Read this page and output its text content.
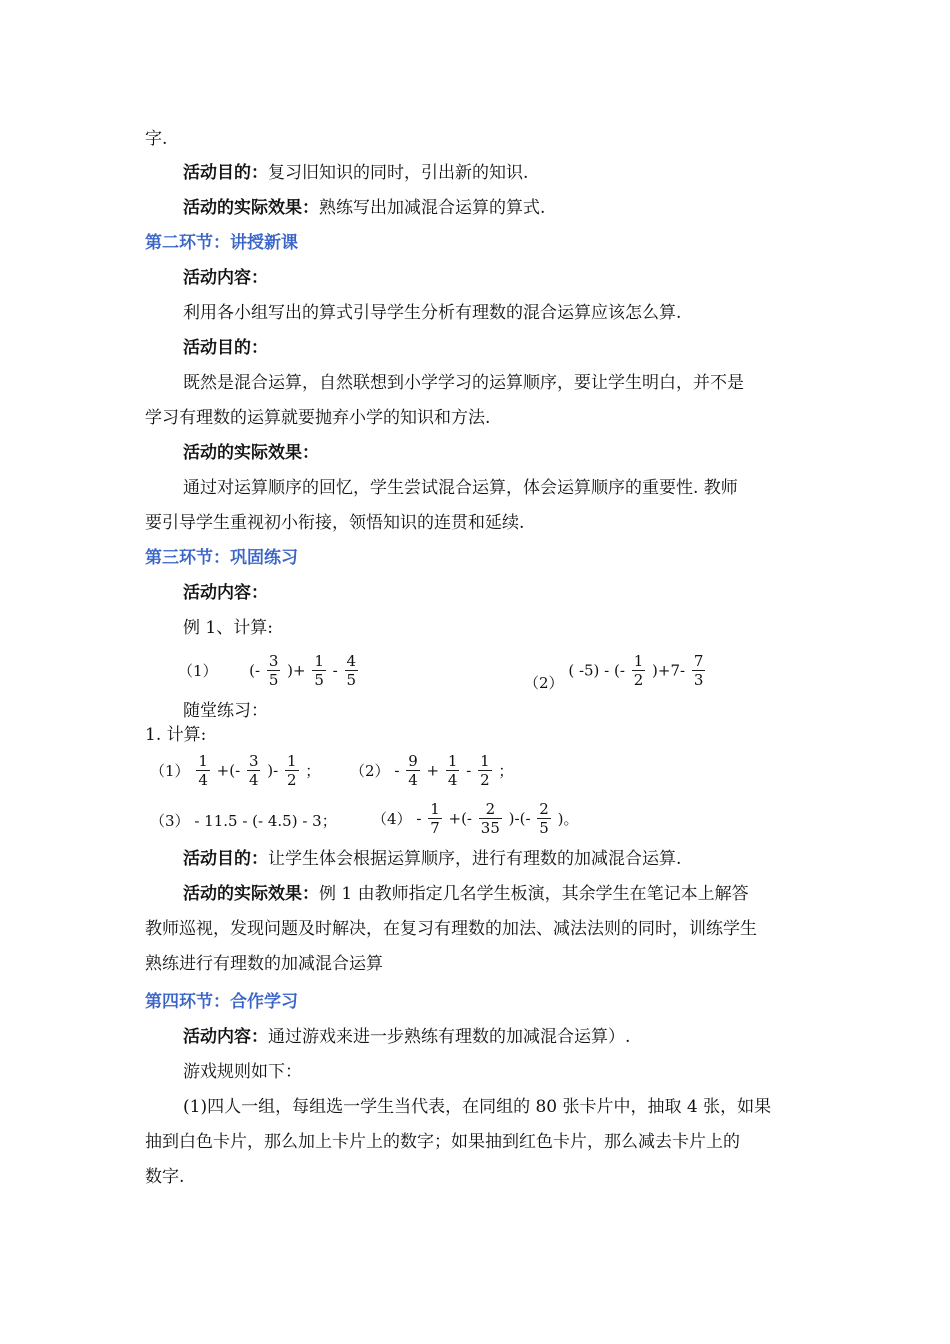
字.
活动目的：复习旧知识的同时，引出新的知识.
活动的实际效果：熟练写出加减混合运算的算式.
第二环节：讲授新课
活动内容：
利用各小组写出的算式引导学生分析有理数的混合运算应该怎么算.
活动目的：
既然是混合运算，自然联想到小学学习的运算顺序，要让学生明白，并不是
学习有理数的运算就要抛弃小学的知识和方法.
活动的实际效果：
通过对运算顺序的回忆，学生尝试混合运算，体会运算顺序的重要性. 教师
要引导学生重视初小衔接，领悟知识的连贯和延续.
第三环节：巩固练习
活动内容：
例 1、计算:
（1） (- $\frac{3}{5}$ )+ $\frac{1}{5} - \frac{4}{5}$	（2） ( -5) - (- $\frac{1}{2} )+7- \frac{7}{3}$
随堂练习：
1. 计算:
$(1) \frac{1}{4}$ +(- $\frac{3}{4}$ )- $\frac{1}{2}$ ； $(2) - \frac{9}{4} + \frac{1}{4} - \frac{1}{2}$ ；
（3） - 11.5 - (- 4.5) - 3； $(4) - \frac{1}{7}$ +(- $\frac{2}{35}$ )-(- $\frac{2}{5}$ )。
活动目的：让学生体会根据运算顺序，进行有理数的加减混合运算.
活动的实际效果：例 1 由教师指定几名学生板演，其余学生在笔记本上解答
教师巡视，发现问题及时解决，在复习有理数的加法、减法法则的同时，训练学生
熟练进行有理数的加减混合运算
第四环节：合作学习
活动内容：通过游戏来进一步熟练有理数的加减混合运算）.
游戏规则如下：
(1)四人一组，每组选一学生当代表，在同组的 80 张卡片中，抽取 4 张，如果
抽到白色卡片，那么加上卡片上的数字；如果抽到红色卡片，那么减去卡片上的
数字.
